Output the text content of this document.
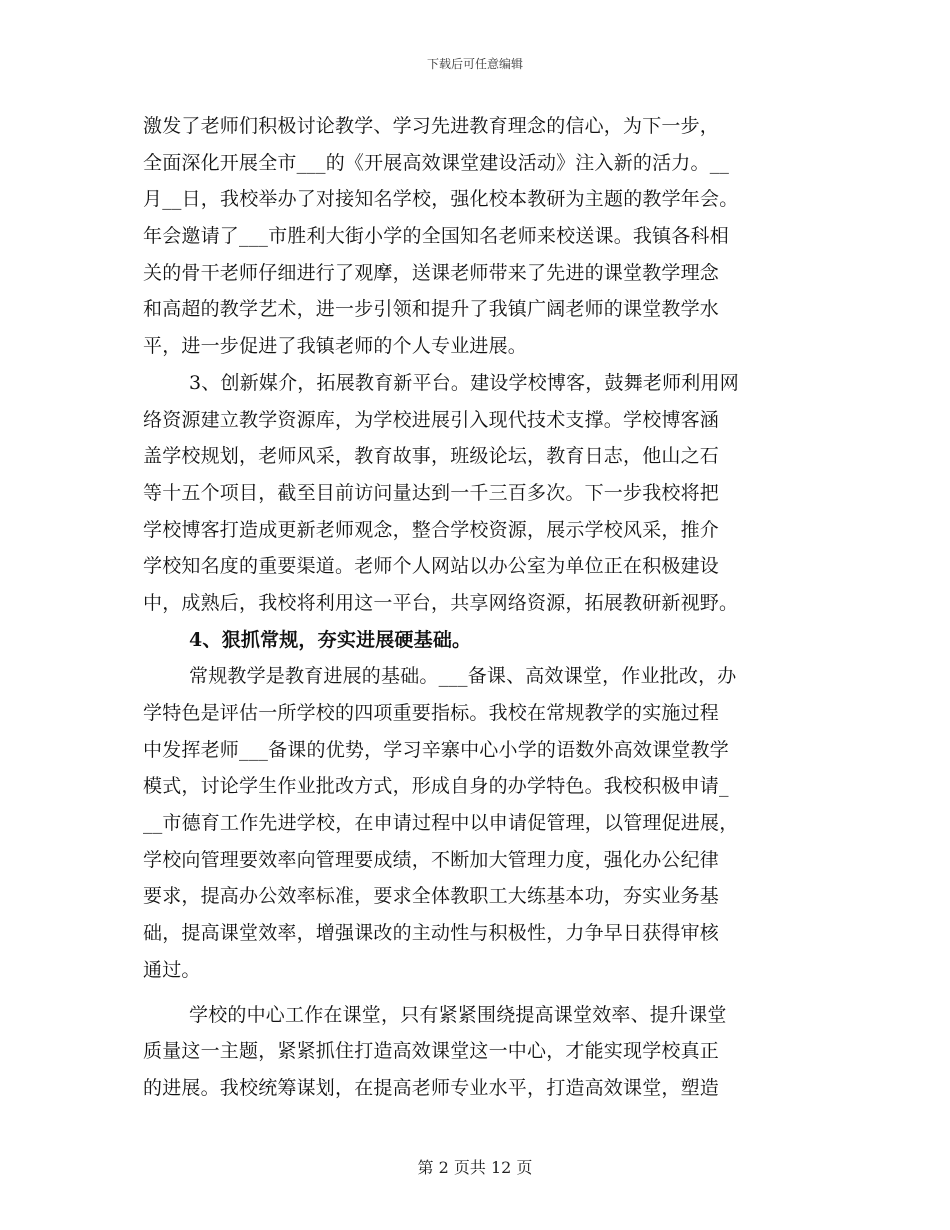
下载后可任意编辑
激发了老师们积极讨论教学、学习先进教育理念的信心，为下一步，
全面深化开展全市___的《开展高效课堂建设活动》注入新的活力。__
月__日，我校举办了对接知名学校，强化校本教研为主题的教学年会。
年会邀请了___市胜利大街小学的全国知名老师来校送课。我镇各科相
关的骨干老师仔细进行了观摩，送课老师带来了先进的课堂教学理念
和高超的教学艺术，进一步引领和提升了我镇广阔老师的课堂教学水
平，进一步促进了我镇老师的个人专业进展。
3、创新媒介，拓展教育新平台。建设学校博客，鼓舞老师利用网
络资源建立教学资源库，为学校进展引入现代技术支撑。学校博客涵
盖学校规划，老师风采，教育故事，班级论坛，教育日志，他山之石
等十五个项目，截至目前访问量达到一千三百多次。下一步我校将把
学校博客打造成更新老师观念，整合学校资源，展示学校风采，推介
学校知名度的重要渠道。老师个人网站以办公室为单位正在积极建设
中，成熟后，我校将利用这一平台，共享网络资源，拓展教研新视野。
4、狠抓常规，夯实进展硬基础。
常规教学是教育进展的基础。___备课、高效课堂，作业批改，办
学特色是评估一所学校的四项重要指标。我校在常规教学的实施过程
中发挥老师___备课的优势，学习辛寨中心小学的语数外高效课堂教学
模式，讨论学生作业批改方式，形成自身的办学特色。我校积极申请_
__市德育工作先进学校，在申请过程中以申请促管理，以管理促进展，
学校向管理要效率向管理要成绩，不断加大管理力度，强化办公纪律
要求，提高办公效率标准，要求全体教职工大练基本功，夯实业务基
础，提高课堂效率，增强课改的主动性与积极性，力争早日获得审核
通过。
学校的中心工作在课堂，只有紧紧围绕提高课堂效率、提升课堂
质量这一主题，紧紧抓住打造高效课堂这一中心，才能实现学校真正
的进展。我校统筹谋划，在提高老师专业水平，打造高效课堂，塑造
第 2 页共 12 页
